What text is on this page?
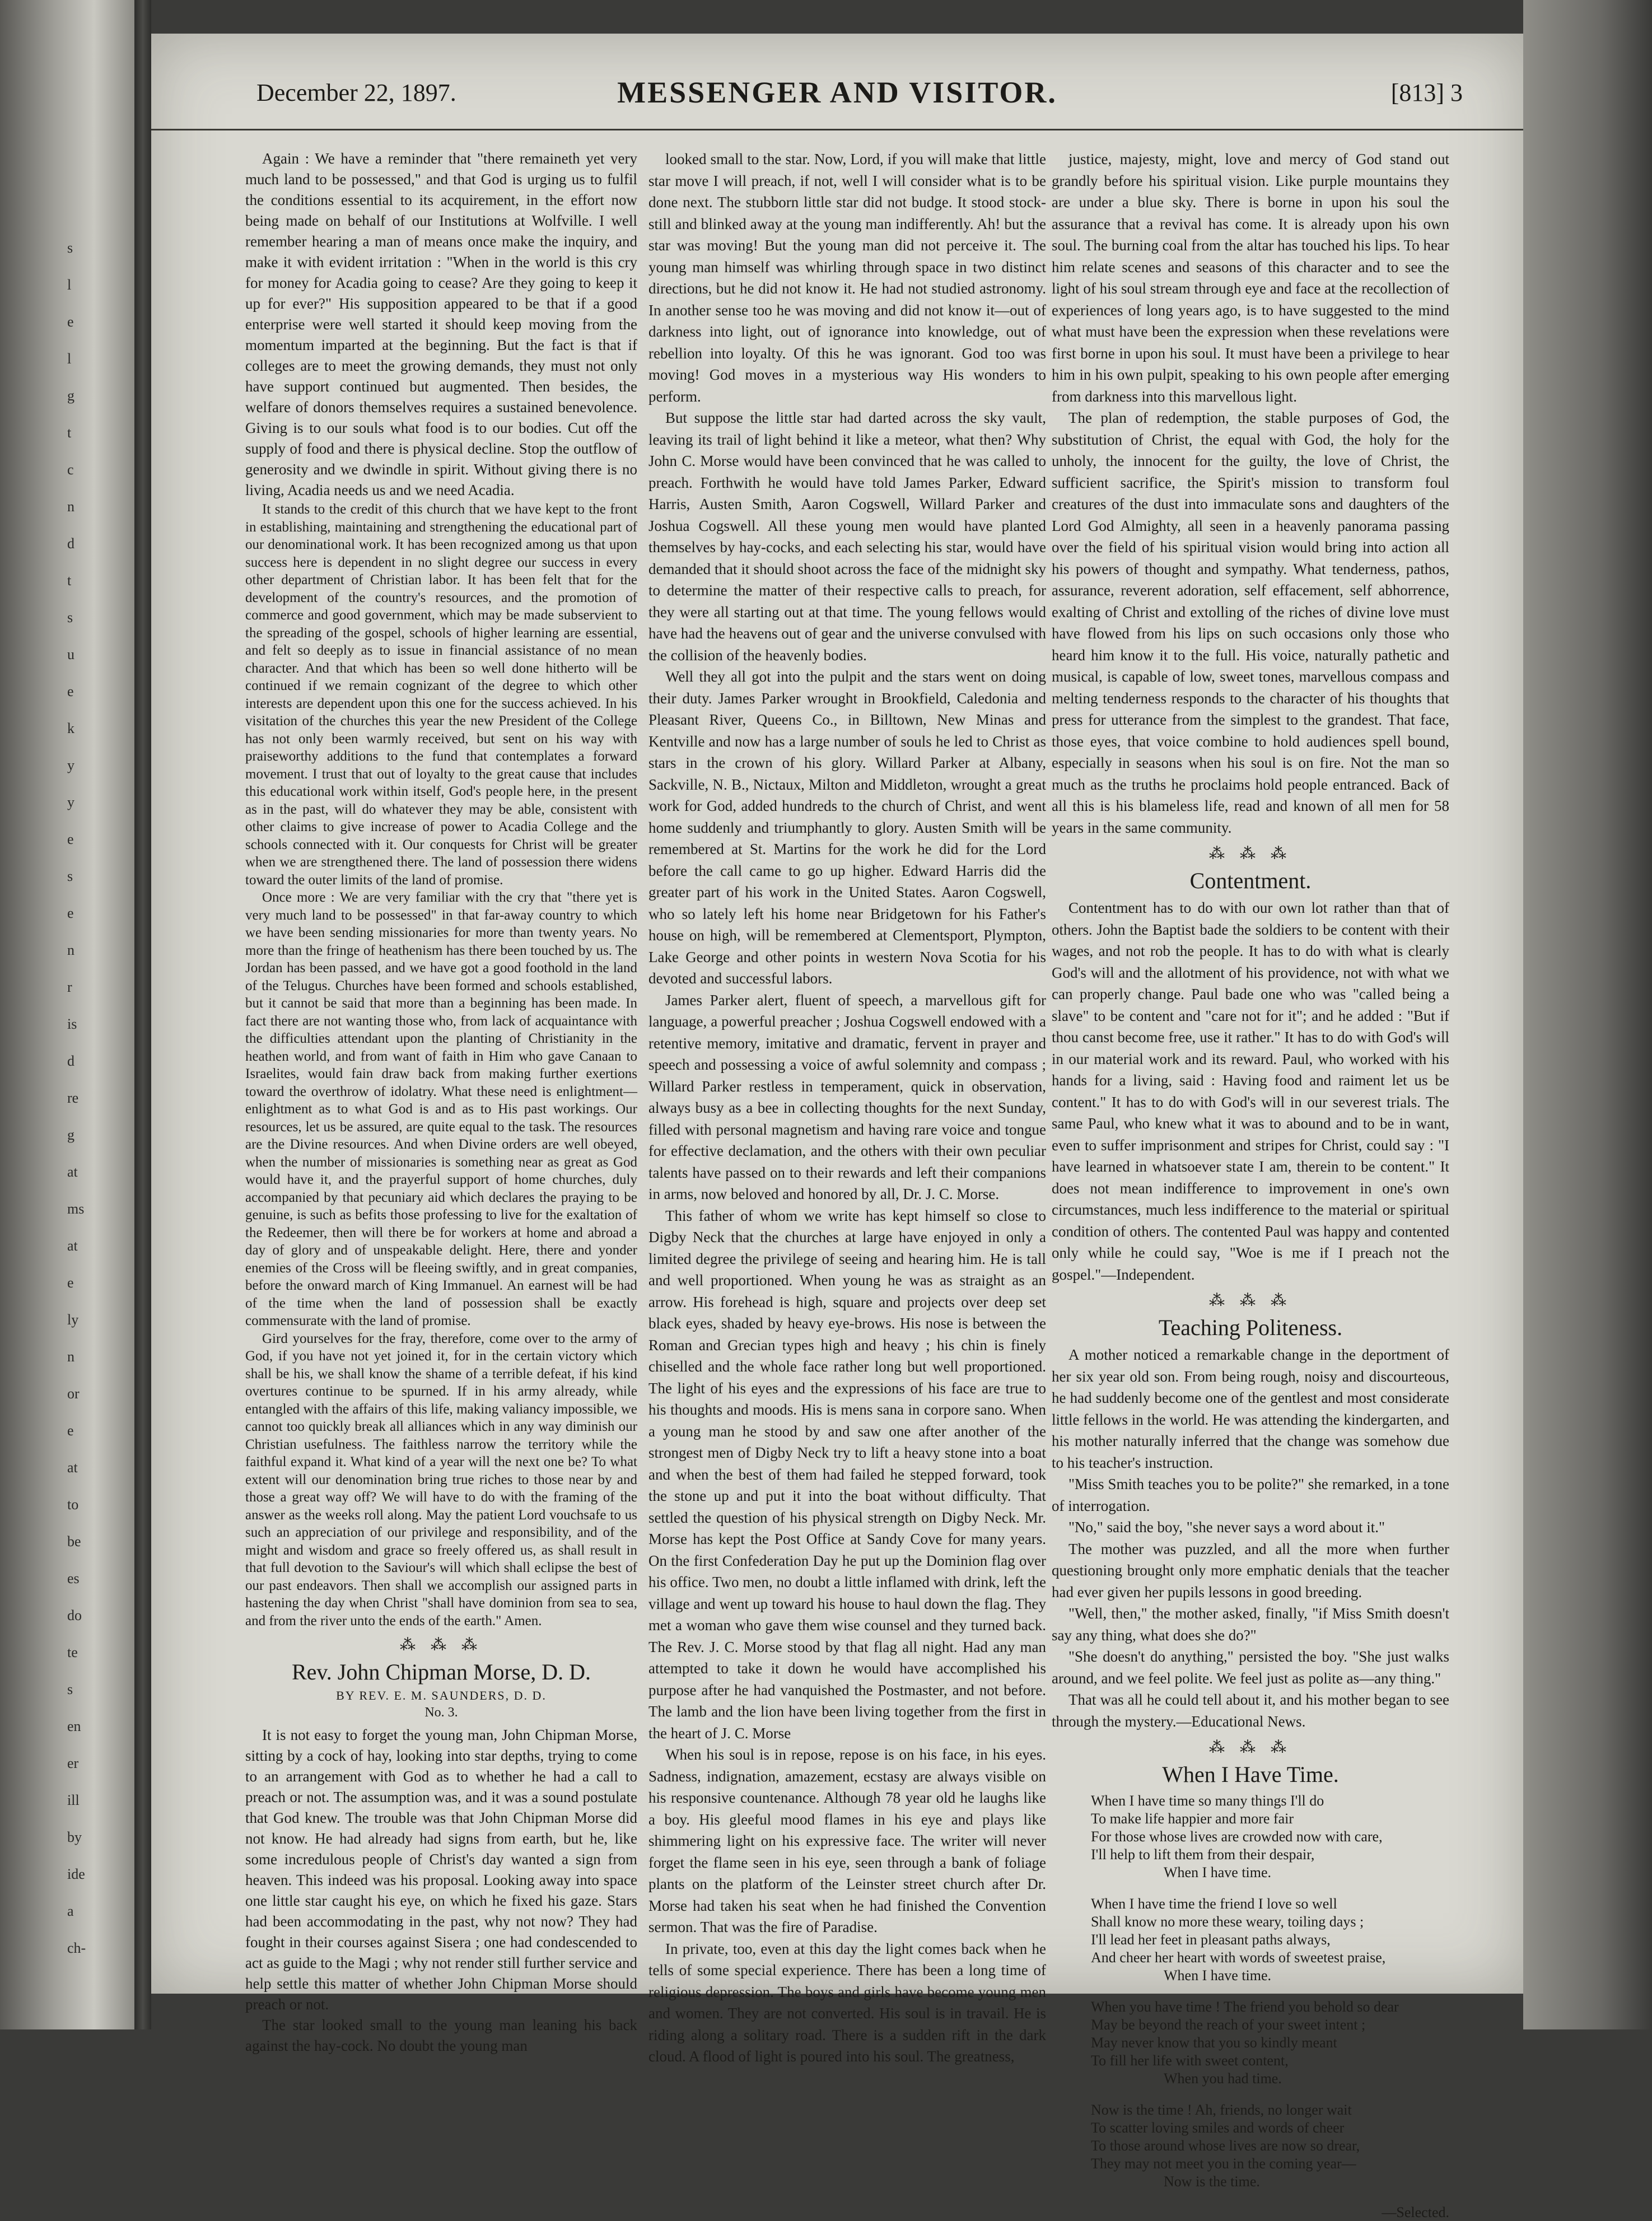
s
l
e
l
g
t
c
n
d
t
s
u
e
k
y
y
e
s
e
n
r
is
d
re
g
at
ms
at
e
ly
n
or
e
at
to
be
es
do
te
s
en
er
ill
by
ide
a
ch-
December 22, 1897.	MESSENGER AND VISITOR.	[813] 3

Again : We have a reminder that "there remaineth yet very much land to be possessed," and that God is urging us to fulfil the conditions essential to its acquirement, in the effort now being made on behalf of our Institutions at Wolfville. I well remember hearing a man of means once make the inquiry, and make it with evident irritation : "When in the world is this cry for money for Acadia going to cease? Are they going to keep it up for ever?" His supposition appeared to be that if a good enterprise were well started it should keep moving from the momentum imparted at the beginning. But the fact is that if colleges are to meet the growing demands, they must not only have support continued but augmented. Then besides, the welfare of donors themselves requires a sustained benevolence. Giving is to our souls what food is to our bodies. Cut off the supply of food and there is physical decline. Stop the outflow of generosity and we dwindle in spirit. Without giving there is no living, Acadia needs us and we need Acadia.

It stands to the credit of this church that we have kept to the front in establishing, maintaining and strengthening the educational part of our denominational work. It has been recognized among us that upon success here is dependent in no slight degree our success in every other department of Christian labor. It has been felt that for the development of the country's resources, and the promotion of commerce and good government, which may be made subservient to the spreading of the gospel, schools of higher learning are essential, and felt so deeply as to issue in financial assistance of no mean character. And that which has been so well done hitherto will be continued if we remain cognizant of the degree to which other interests are dependent upon this one for the success achieved. In his visitation of the churches this year the new President of the College has not only been warmly received, but sent on his way with praiseworthy additions to the fund that contemplates a forward movement. I trust that out of loyalty to the great cause that includes this educational work within itself, God's people here, in the present as in the past, will do whatever they may be able, consistent with other claims to give increase of power to Acadia College and the schools connected with it. Our conquests for Christ will be greater when we are strengthened there. The land of possession there widens toward the outer limits of the land of promise.

Once more : We are very familiar with the cry that "there yet is very much land to be possessed" in that far-away country to which we have been sending missionaries for more than twenty years. No more than the fringe of heathenism has there been touched by us. The Jordan has been passed, and we have got a good foothold in the land of the Telugus. Churches have been formed and schools established, but it cannot be said that more than a beginning has been made. In fact there are not wanting those who, from lack of acquaintance with the difficulties attendant upon the planting of Christianity in the heathen world, and from want of faith in Him who gave Canaan to Israelites, would fain draw back from making further exertions toward the overthrow of idolatry. What these need is enlightment—enlightment as to what God is and as to His past workings. Our resources, let us be assured, are quite equal to the task. The resources are the Divine resources. And when Divine orders are well obeyed, when the number of missionaries is something near as great as God would have it, and the prayerful support of home churches, duly accompanied by that pecuniary aid which declares the praying to be genuine, is such as befits those professing to live for the exaltation of the Redeemer, then will there be for workers at home and abroad a day of glory and of unspeakable delight. Here, there and yonder enemies of the Cross will be fleeing swiftly, and in great companies, before the onward march of King Immanuel. An earnest will be had of the time when the land of possession shall be exactly commensurate with the land of promise.

Gird yourselves for the fray, therefore, come over to the army of God, if you have not yet joined it, for in the certain victory which shall be his, we shall know the shame of a terrible defeat, if his kind overtures continue to be spurned. If in his army already, while entangled with the affairs of this life, making valiancy impossible, we cannot too quickly break all alliances which in any way diminish our Christian usefulness. The faithless narrow the territory while the faithful expand it. What kind of a year will the next one be? To what extent will our denomination bring true riches to those near by and those a great way off? We will have to do with the framing of the answer as the weeks roll along. May the patient Lord vouchsafe to us such an appreciation of our privilege and responsibility, and of the might and wisdom and grace so freely offered us, as shall result in that full devotion to the Saviour's will which shall eclipse the best of our past endeavors. Then shall we accomplish our assigned parts in hastening the day when Christ "shall have dominion from sea to sea, and from the river unto the ends of the earth." Amen.

⁂ ⁂ ⁂
Rev. John Chipman Morse, D. D.
BY REV. E. M. SAUNDERS, D. D.
No. 3.

It is not easy to forget the young man, John Chipman Morse, sitting by a cock of hay, looking into star depths, trying to come to an arrangement with God as to whether he had a call to preach or not. The assumption was, and it was a sound postulate that God knew. The trouble was that John Chipman Morse did not know. He had already had signs from earth, but he, like some incredulous people of Christ's day wanted a sign from heaven. This indeed was his proposal. Looking away into space one little star caught his eye, on which he fixed his gaze. Stars had been accommodating in the past, why not now? They had fought in their courses against Sisera ; one had condescended to act as guide to the Magi ; why not render still further service and help settle this matter of whether John Chipman Morse should preach or not.

The star looked small to the young man leaning his back against the hay-cock. No doubt the young man

looked small to the star. Now, Lord, if you will make that little star move I will preach, if not, well I will consider what is to be done next. The stubborn little star did not budge. It stood stock-still and blinked away at the young man indifferently. Ah! but the star was moving! But the young man did not perceive it. The young man himself was whirling through space in two distinct directions, but he did not know it. He had not studied astronomy. In another sense too he was moving and did not know it—out of darkness into light, out of ignorance into knowledge, out of rebellion into loyalty. Of this he was ignorant. God too was moving! God moves in a mysterious way His wonders to perform.

But suppose the little star had darted across the sky vault, leaving its trail of light behind it like a meteor, what then? Why John C. Morse would have been convinced that he was called to preach. Forthwith he would have told James Parker, Edward Harris, Austen Smith, Aaron Cogswell, Willard Parker and Joshua Cogswell. All these young men would have planted themselves by hay-cocks, and each selecting his star, would have demanded that it should shoot across the face of the midnight sky to determine the matter of their respective calls to preach, for they were all starting out at that time. The young fellows would have had the heavens out of gear and the universe convulsed with the collision of the heavenly bodies.

Well they all got into the pulpit and the stars went on doing their duty. James Parker wrought in Brookfield, Caledonia and Pleasant River, Queens Co., in Billtown, New Minas and Kentville and now has a large number of souls he led to Christ as stars in the crown of his glory. Willard Parker at Albany, Sackville, N. B., Nictaux, Milton and Middleton, wrought a great work for God, added hundreds to the church of Christ, and went home suddenly and triumphantly to glory. Austen Smith will be remembered at St. Martins for the work he did for the Lord before the call came to go up higher. Edward Harris did the greater part of his work in the United States. Aaron Cogswell, who so lately left his home near Bridgetown for his Father's house on high, will be remembered at Clementsport, Plympton, Lake George and other points in western Nova Scotia for his devoted and successful labors.

James Parker alert, fluent of speech, a marvellous gift for language, a powerful preacher ; Joshua Cogswell endowed with a retentive memory, imitative and dramatic, fervent in prayer and speech and possessing a voice of awful solemnity and compass ; Willard Parker restless in temperament, quick in observation, always busy as a bee in collecting thoughts for the next Sunday, filled with personal magnetism and having rare voice and tongue for effective declamation, and the others with their own peculiar talents have passed on to their rewards and left their companions in arms, now beloved and honored by all, Dr. J. C. Morse.

This father of whom we write has kept himself so close to Digby Neck that the churches at large have enjoyed in only a limited degree the privilege of seeing and hearing him. He is tall and well proportioned. When young he was as straight as an arrow. His forehead is high, square and projects over deep set black eyes, shaded by heavy eye-brows. His nose is between the Roman and Grecian types high and heavy ; his chin is finely chiselled and the whole face rather long but well proportioned. The light of his eyes and the expressions of his face are true to his thoughts and moods. His is mens sana in corpore sano. When a young man he stood by and saw one after another of the strongest men of Digby Neck try to lift a heavy stone into a boat and when the best of them had failed he stepped forward, took the stone up and put it into the boat without difficulty. That settled the question of his physical strength on Digby Neck. Mr. Morse has kept the Post Office at Sandy Cove for many years. On the first Confederation Day he put up the Dominion flag over his office. Two men, no doubt a little inflamed with drink, left the village and went up toward his house to haul down the flag. They met a woman who gave them wise counsel and they turned back. The Rev. J. C. Morse stood by that flag all night. Had any man attempted to take it down he would have accomplished his purpose after he had vanquished the Postmaster, and not before. The lamb and the lion have been living together from the first in the heart of J. C. Morse

When his soul is in repose, repose is on his face, in his eyes. Sadness, indignation, amazement, ecstasy are always visible on his responsive countenance. Although 78 year old he laughs like a boy. His gleeful mood flames in his eye and plays like shimmering light on his expressive face. The writer will never forget the flame seen in his eye, seen through a bank of foliage plants on the platform of the Leinster street church after Dr. Morse had taken his seat when he had finished the Convention sermon. That was the fire of Paradise.

In private, too, even at this day the light comes back when he tells of some special experience. There has been a long time of religious depression. The boys and girls have become young men and women. They are not converted. His soul is in travail. He is riding along a solitary road. There is a sudden rift in the dark cloud. A flood of light is poured into his soul. The greatness,

justice, majesty, might, love and mercy of God stand out grandly before his spiritual vision. Like purple mountains they are under a blue sky. There is borne in upon his soul the assurance that a revival has come. It is already upon his own soul. The burning coal from the altar has touched his lips. To hear him relate scenes and seasons of this character and to see the light of his soul stream through eye and face at the recollection of experiences of long years ago, is to have suggested to the mind what must have been the expression when these revelations were first borne in upon his soul. It must have been a privilege to hear him in his own pulpit, speaking to his own people after emerging from darkness into this marvellous light.

The plan of redemption, the stable purposes of God, the substitution of Christ, the equal with God, the holy for the unholy, the innocent for the guilty, the love of Christ, the sufficient sacrifice, the Spirit's mission to transform foul creatures of the dust into immaculate sons and daughters of the Lord God Almighty, all seen in a heavenly panorama passing over the field of his spiritual vision would bring into action all his powers of thought and sympathy. What tenderness, pathos, assurance, reverent adoration, self effacement, self abhorrence, exalting of Christ and extolling of the riches of divine love must have flowed from his lips on such occasions only those who heard him know it to the full. His voice, naturally pathetic and musical, is capable of low, sweet tones, marvellous compass and melting tenderness responds to the character of his thoughts that press for utterance from the simplest to the grandest. That face, those eyes, that voice combine to hold audiences spell bound, especially in seasons when his soul is on fire. Not the man so much as the truths he proclaims hold people entranced. Back of all this is his blameless life, read and known of all men for 58 years in the same community.

⁂ ⁂ ⁂
Contentment.

Contentment has to do with our own lot rather than that of others. John the Baptist bade the soldiers to be content with their wages, and not rob the people. It has to do with what is clearly God's will and the allotment of his providence, not with what we can properly change. Paul bade one who was "called being a slave" to be content and "care not for it"; and he added : "But if thou canst become free, use it rather." It has to do with God's will in our material work and its reward. Paul, who worked with his hands for a living, said : Having food and raiment let us be content." It has to do with God's will in our severest trials. The same Paul, who knew what it was to abound and to be in want, even to suffer imprisonment and stripes for Christ, could say : "I have learned in whatsoever state I am, therein to be content." It does not mean indifference to improvement in one's own circumstances, much less indifference to the material or spiritual condition of others. The contented Paul was happy and contented only while he could say, "Woe is me if I preach not the gospel."—Independent.

⁂ ⁂ ⁂
Teaching Politeness.

A mother noticed a remarkable change in the deportment of her six year old son. From being rough, noisy and discourteous, he had suddenly become one of the gentlest and most considerate little fellows in the world. He was attending the kindergarten, and his mother naturally inferred that the change was somehow due to his teacher's instruction.

"Miss Smith teaches you to be polite?" she remarked, in a tone of interrogation.

"No," said the boy, "she never says a word about it."

The mother was puzzled, and all the more when further questioning brought only more emphatic denials that the teacher had ever given her pupils lessons in good breeding.

"Well, then," the mother asked, finally, "if Miss Smith doesn't say any thing, what does she do?"

"She doesn't do anything," persisted the boy. "She just walks around, and we feel polite. We feel just as polite as—any thing."

That was all he could tell about it, and his mother began to see through the mystery.—Educational News.

⁂ ⁂ ⁂
When I Have Time.
When I have time so many things I'll do
To make life happier and more fair
For those whose lives are crowded now with care,
I'll help to lift them from their despair,
When I have time.
When I have time the friend I love so well
Shall know no more these weary, toiling days ;
I'll lead her feet in pleasant paths always,
And cheer her heart with words of sweetest praise,
When I have time.
When you have time ! The friend you behold so dear
May be beyond the reach of your sweet intent ;
May never know that you so kindly meant
To fill her life with sweet content,
When you had time.
Now is the time ! Ah, friends, no longer wait
To scatter loving smiles and words of cheer
To those around whose lives are now so drear,
They may not meet you in the coming year—
Now is the time.
—Selected.
